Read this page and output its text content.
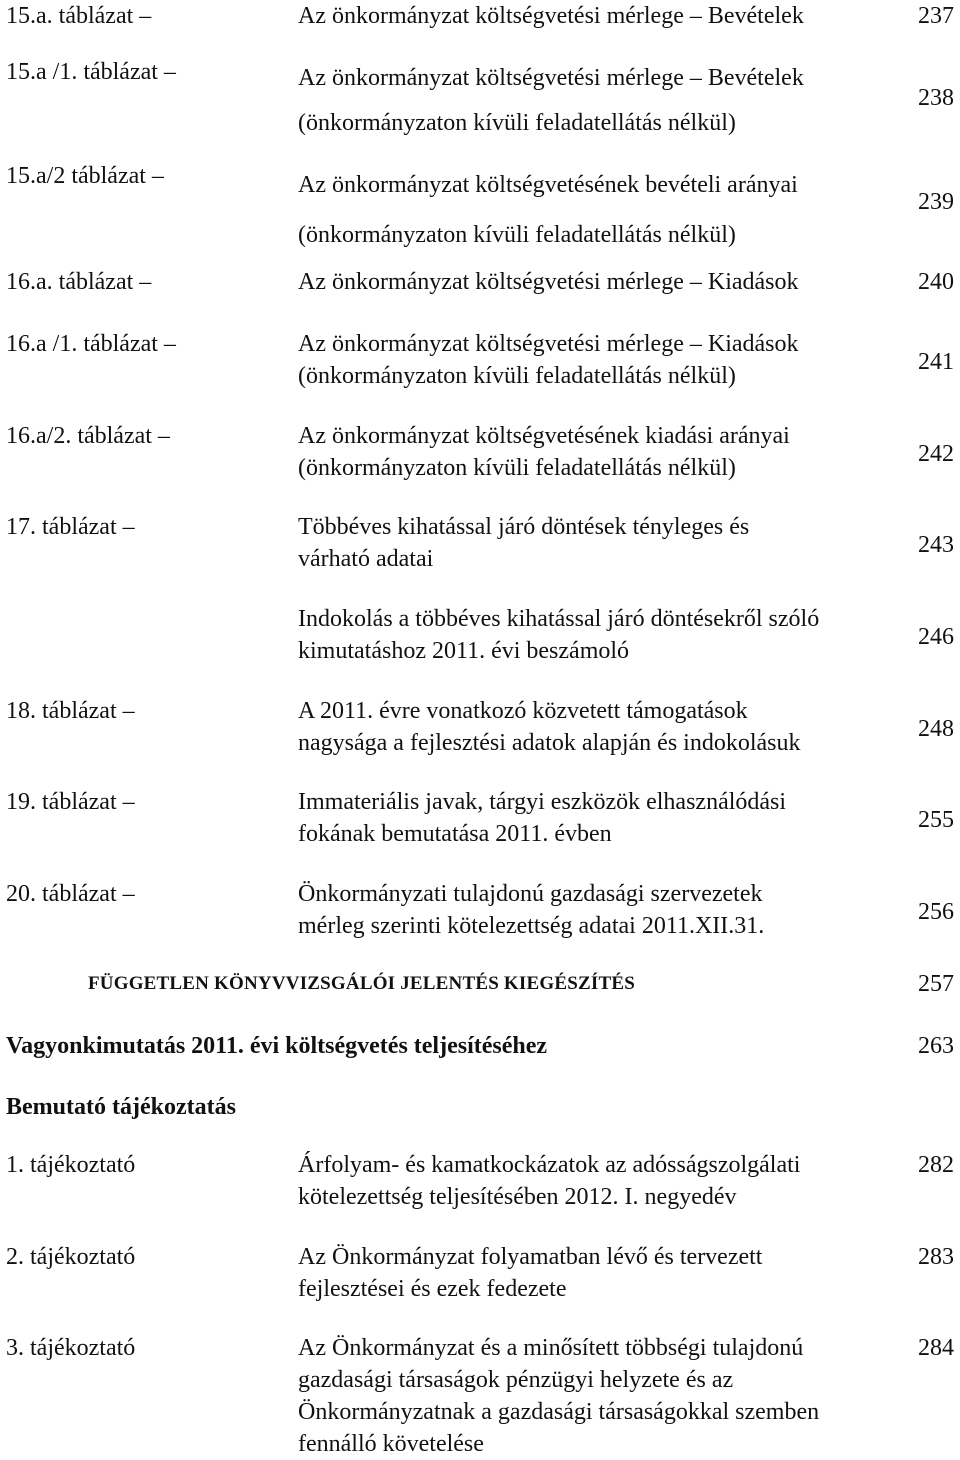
15.a. táblázat –	Az önkormányzat költségvetési mérlege – Bevételek	237
15.a /1. táblázat –	Az önkormányzat költségvetési mérlege – Bevételek
(önkormányzaton kívüli feladatellátás nélkül)
238
15.a/2 táblázat –	Az önkormányzat költségvetésének bevételi arányai
(önkormányzaton kívüli feladatellátás nélkül)
239
16.a. táblázat –	Az önkormányzat költségvetési mérlege – Kiadások	240
16.a /1. táblázat –	Az önkormányzat költségvetési mérlege – Kiadások
(önkormányzaton kívüli feladatellátás nélkül)
241
16.a/2. táblázat –	Az önkormányzat költségvetésének kiadási arányai
(önkormányzaton kívüli feladatellátás nélkül)
242
17. táblázat –	Többéves kihatással járó döntések tényleges és
várható adatai
243
Indokolás a többéves kihatással járó döntésekről szóló
kimutatáshoz 2011. évi beszámoló
246
18. táblázat –	A 2011. évre vonatkozó közvetett támogatások
nagysága a fejlesztési adatok alapján és indokolásuk
248
19. táblázat –	Immateriális javak, tárgyi eszközök elhasználódási
fokának bemutatása 2011. évben
255
20. táblázat –	Önkormányzati tulajdonú gazdasági szervezetek
mérleg szerinti kötelezettség adatai 2011.XII.31.
256
FÜGGETLEN KÖNYVVIZSGÁLÓI JELENTÉS KIEGÉSZÍTÉS	257
Vagyonkimutatás 2011. évi költségvetés teljesítéséhez	263
Bemutató tájékoztatás
1. tájékoztató	Árfolyam- és kamatkockázatok az adósságszolgálati
kötelezettség teljesítésében 2012. I. negyedév
282
2. tájékoztató	Az Önkormányzat folyamatban lévő és tervezett
fejlesztései és ezek fedezete
283
3. tájékoztató	Az Önkormányzat és a minősített többségi tulajdonú
gazdasági társaságok pénzügyi helyzete és az
Önkormányzatnak a gazdasági társaságokkal szemben
fennálló követelése
284
